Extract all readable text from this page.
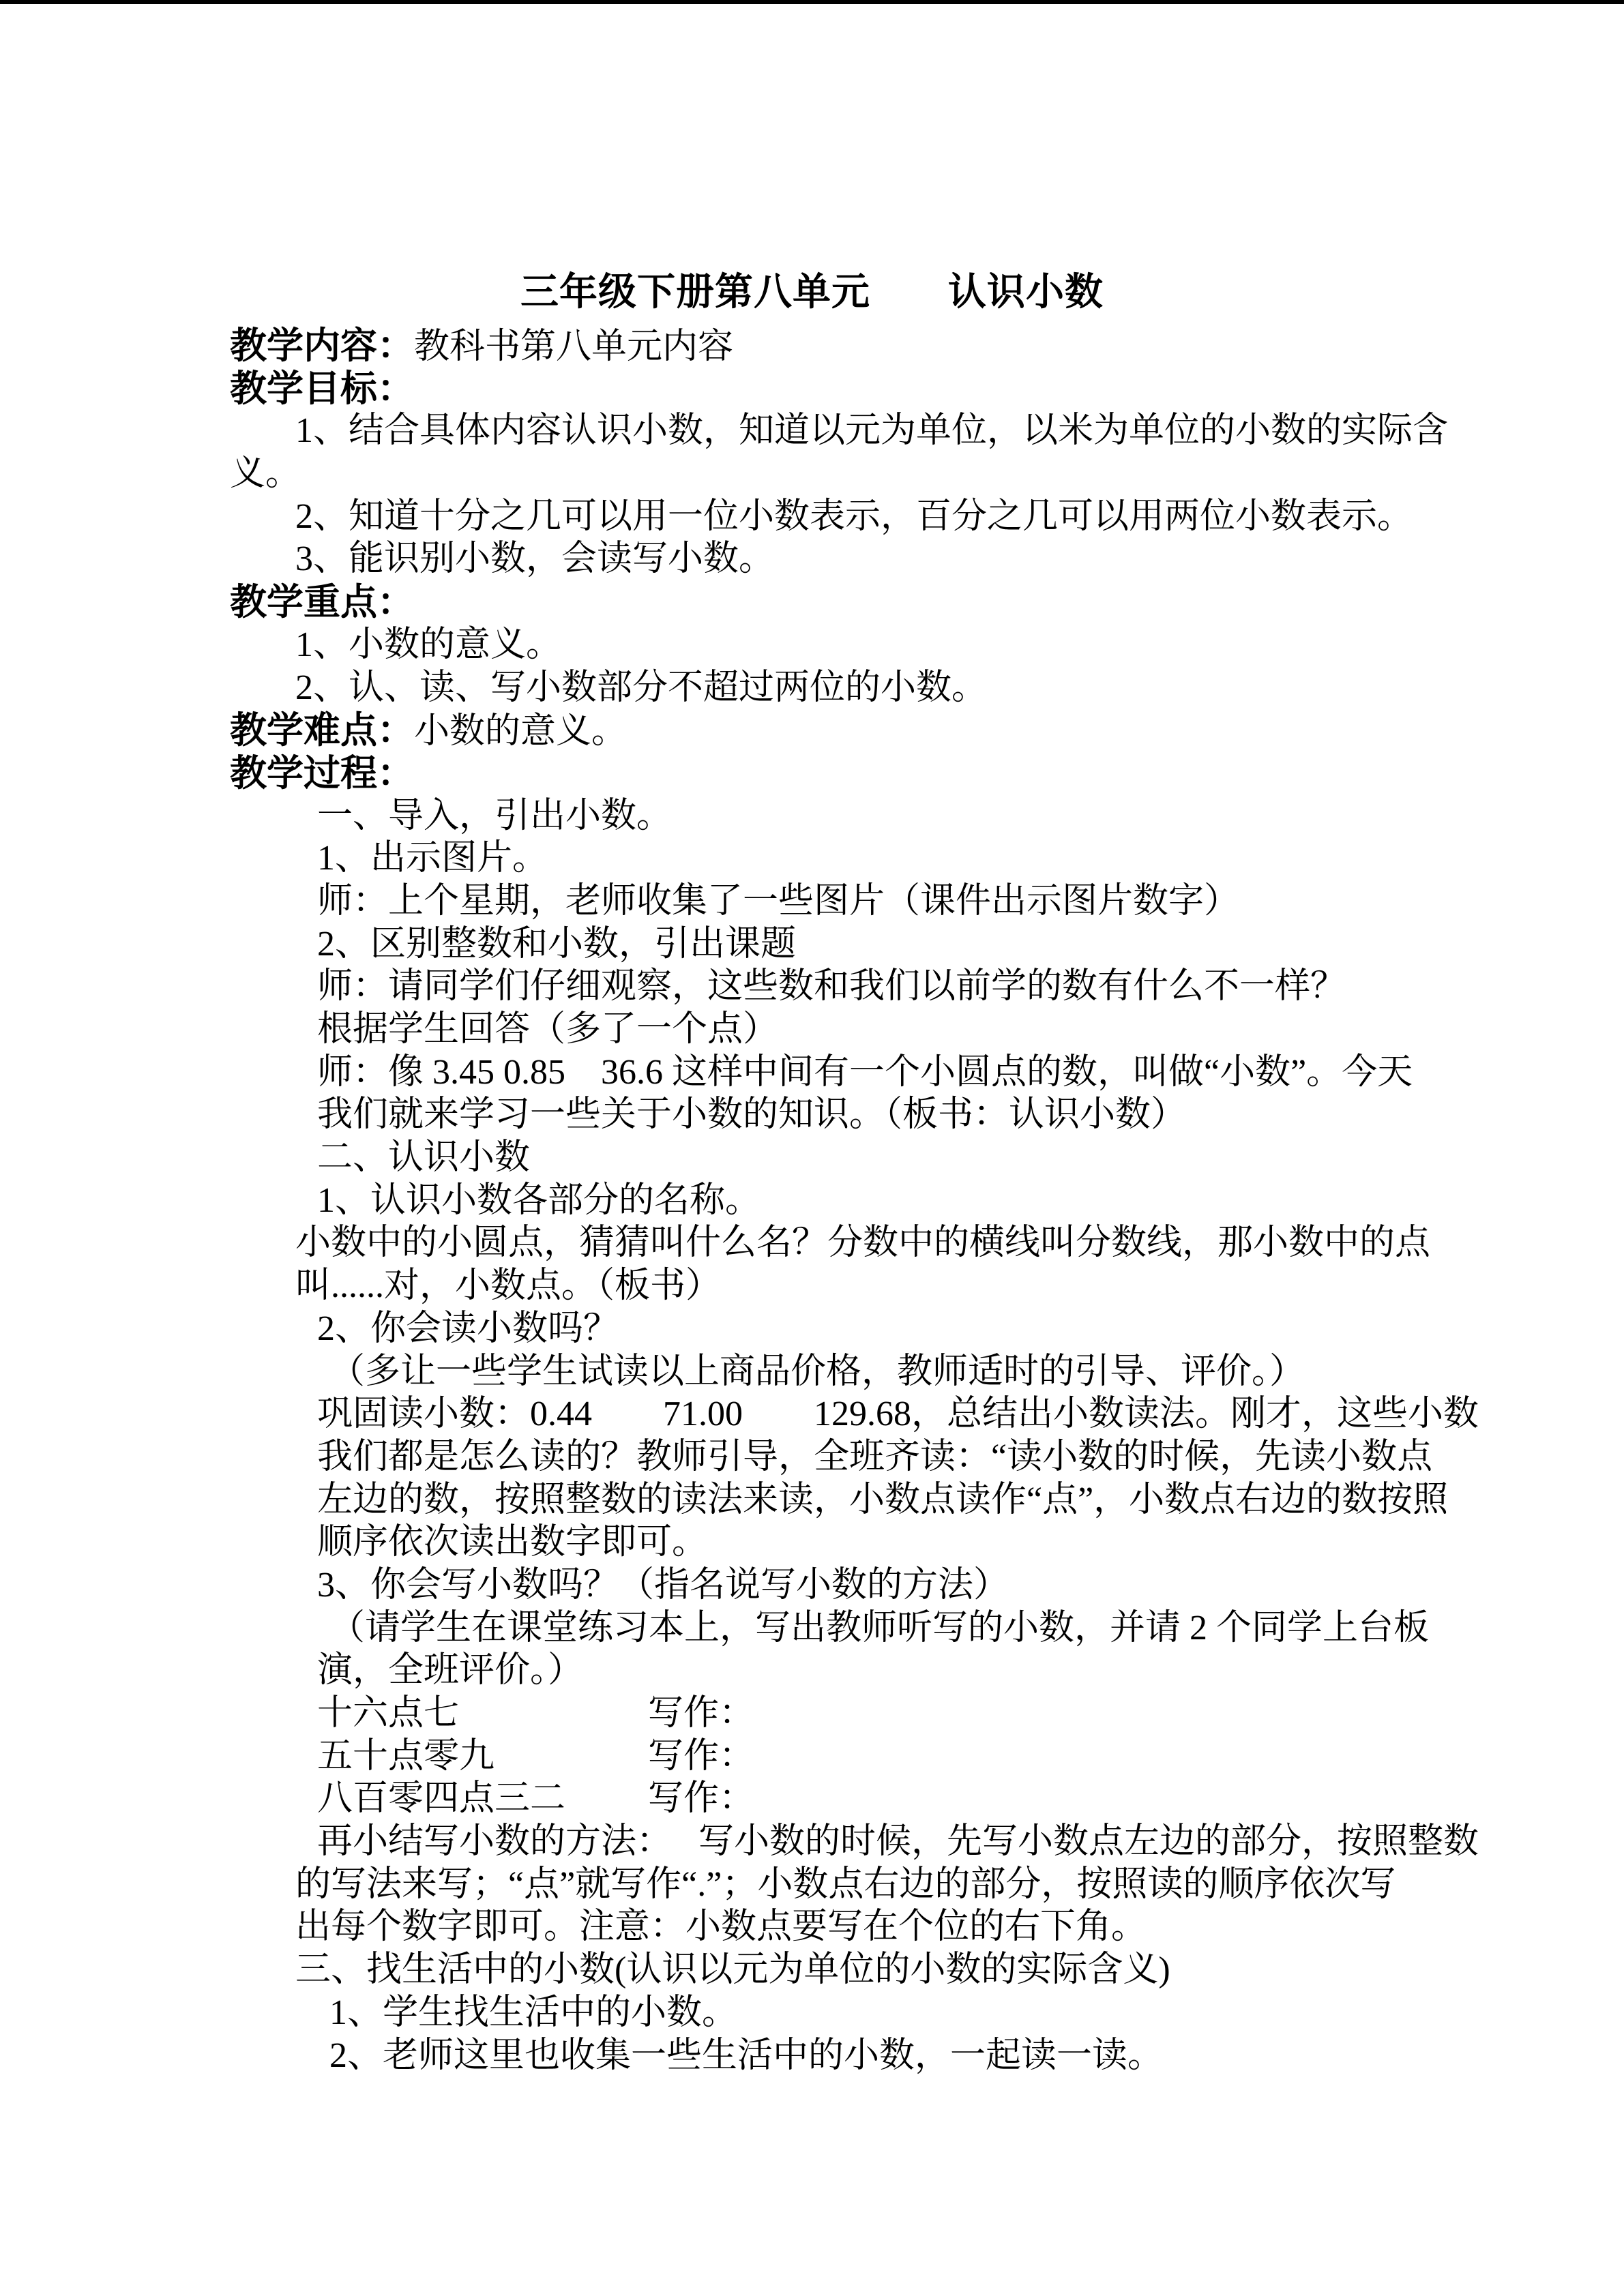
三年级下册第八单元　　认识小数
教学内容：教科书第八单元内容
教学目标：
1、结合具体内容认识小数，知道以元为单位，以米为单位的小数的实际含
义。
2、知道十分之几可以用一位小数表示，百分之几可以用两位小数表示。
3、能识别小数，会读写小数。
教学重点：
1、小数的意义。
2、认、读、写小数部分不超过两位的小数。
教学难点：小数的意义。
教学过程：
一、导入，引出小数。
1、出示图片。
师：上个星期，老师收集了一些图片（课件出示图片数字）
2、区别整数和小数，引出课题
师：请同学们仔细观察，这些数和我们以前学的数有什么不一样？
根据学生回答（多了一个点）
师：像 3.45 0.85　36.6 这样中间有一个小圆点的数，叫做“小数”。今天
我们就来学习一些关于小数的知识。（板书：认识小数）
二、认识小数
1、认识小数各部分的名称。
小数中的小圆点，猜猜叫什么名？分数中的横线叫分数线，那小数中的点
叫......对，小数点。（板书）
2、你会读小数吗？
（多让一些学生试读以上商品价格，教师适时的引导、评价。）
巩固读小数：0.44　　71.00　　129.68，总结出小数读法。刚才，这些小数
我们都是怎么读的？教师引导，全班齐读：“读小数的时候，先读小数点
左边的数，按照整数的读法来读，小数点读作“点”，小数点右边的数按照
顺序依次读出数字即可。
3、你会写小数吗？（指名说写小数的方法）
（请学生在课堂练习本上，写出教师听写的小数，并请 2 个同学上台板
演，全班评价。）
十六点七	写作：
五十点零九	写作：
八百零四点三二 写作：
再小结写小数的方法：　 写小数的时候，先写小数点左边的部分，按照整数
的写法来写；“点”就写作“.”；小数点右边的部分，按照读的顺序依次写
出每个数字即可。注意：小数点要写在个位的右下角。
三、找生活中的小数(认识以元为单位的小数的实际含义)
1、学生找生活中的小数。
2、老师这里也收集一些生活中的小数，一起读一读。
